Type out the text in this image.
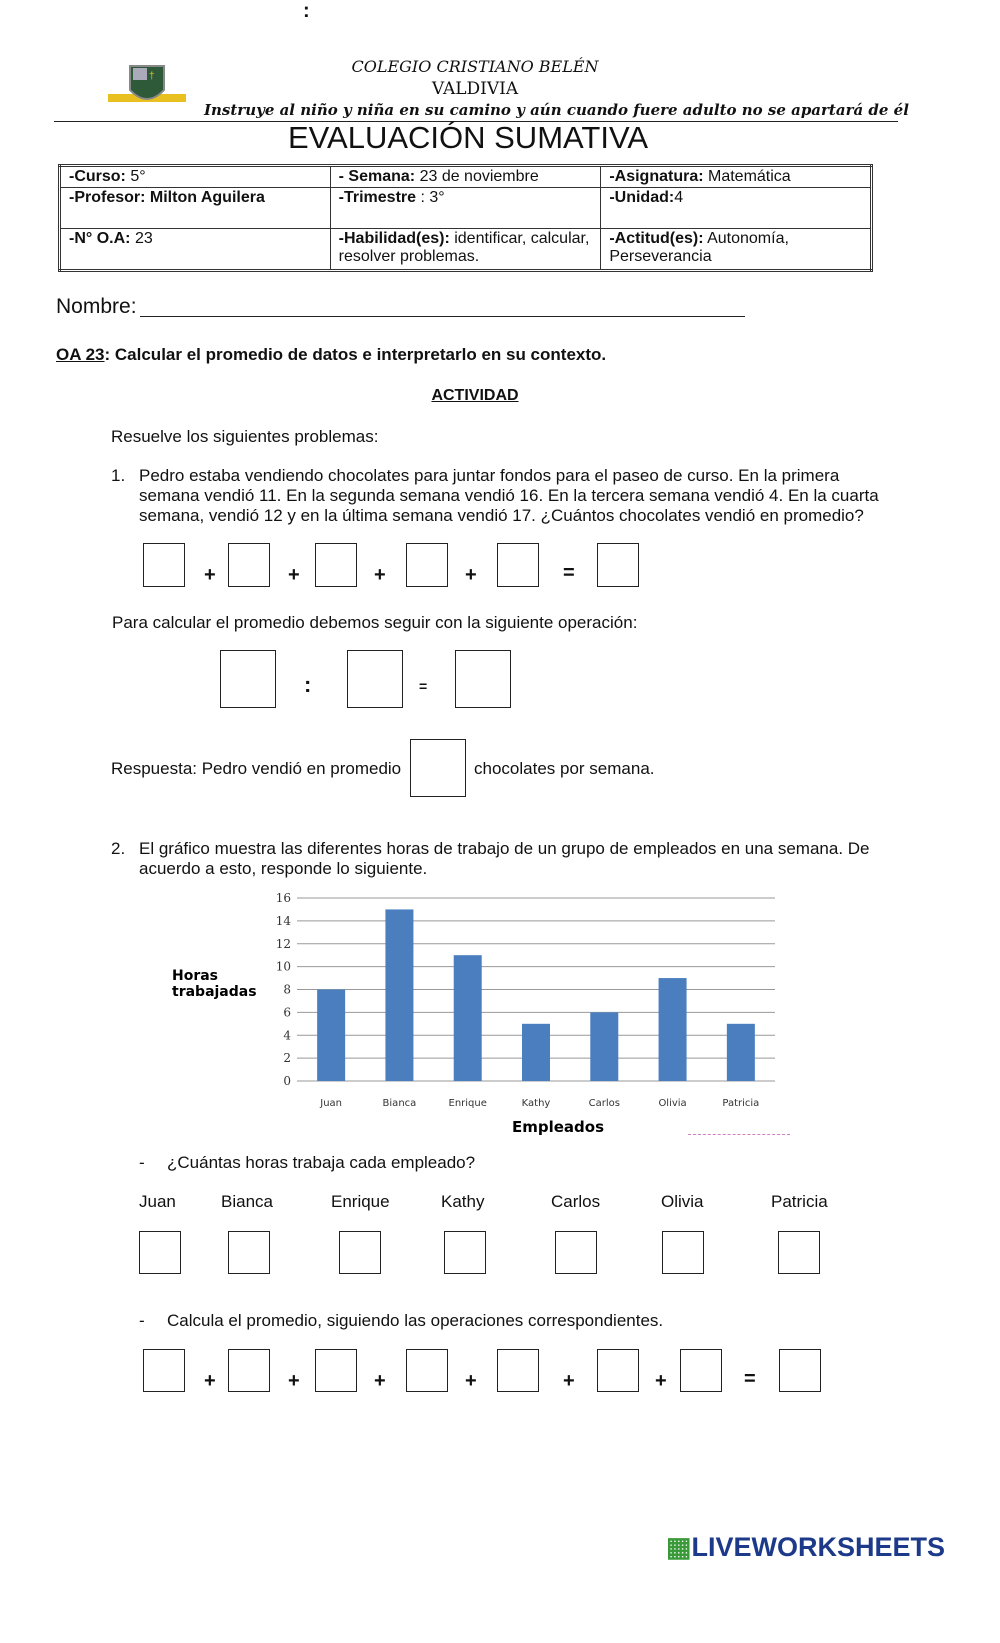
†
COLEGIO CRISTIANO BELÉN
VALDIVIA
Instruye al niño y niña en su camino y aún cuando fuere adulto no se apartará de él
EVALUACIÓN SUMATIVA
-Curso: 5°	- Semana: 23 de noviembre	-Asignatura: Matemática
-Profesor: Milton Aguilera	-Trimestre : 3°	-Unidad:4
-N° O.A: 23	-Habilidad(es): identificar, calcular, resolver problemas.	-Actitud(es): Autonomía, Perseverancia
Nombre:
OA 23: Calcular el promedio de datos e interpretarlo en su contexto.
ACTIVIDAD
Resuelve los siguientes problemas:
1. Pedro estaba vendiendo chocolates para juntar fondos para el paseo de curso. En la primera
semana vendió 11. En la segunda semana vendió 16. En la tercera semana vendió 4. En la cuarta
semana, vendió 12 y en la última semana vendió 17. ¿Cuántos chocolates vendió en promedio?
Para calcular el promedio debemos seguir con la siguiente operación:
Respuesta: Pedro vendió en promedio	chocolates por semana.
2. El gráfico muestra las diferentes horas de trabajo de un grupo de empleados en una semana. De
acuerdo a esto, responde lo siguiente.
0
2
4
6
8
10
12
14
16
Juan	Bianca	Enrique	Kathy	Carlos	Olivia	Patricia
Horas
trabajadas
Empleados
- ¿Cuántas horas trabaja cada empleado?
- Calcula el promedio, siguiendo las operaciones correspondientes.
▦LIVEWORKSHEETS
+	+	+	+	=
:
:	=
Juan	Bianca	Enrique	Kathy	Carlos	Olivia	Patricia
+	+	+	+	+	+	=
